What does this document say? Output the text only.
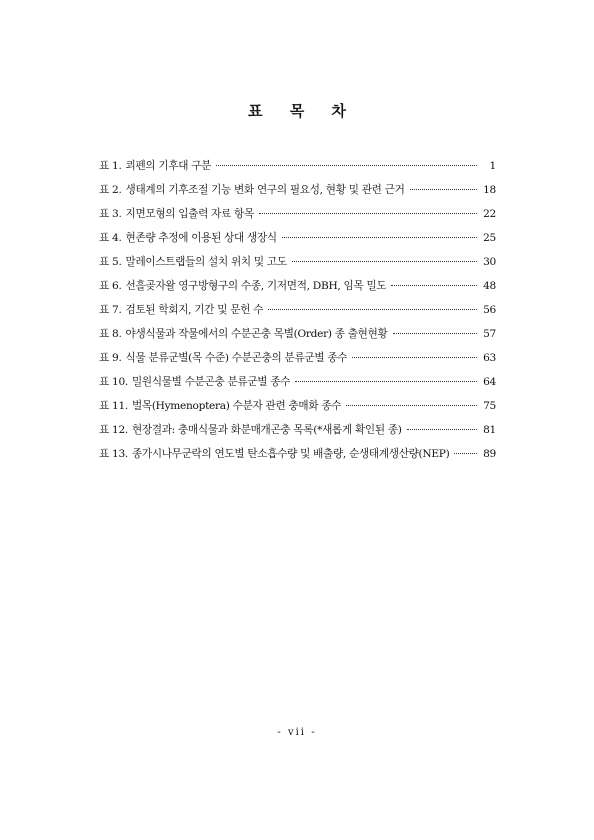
표 목 차
표 1. 쾨펜의 기후대 구분	1
표 2. 생태계의 기후조절 기능 변화 연구의 필요성, 현황 및 관련 근거	18
표 3. 지면모형의 입출력 자료 항목	22
표 4. 현존량 추정에 이용된 상대 생장식	25
표 5. 말레이스트랩들의 설치 위치 및 고도	30
표 6. 선흘곶자왈 영구방형구의 수종, 기저면적, DBH, 임목 밀도	48
표 7. 검토된 학회지, 기간 및 문헌 수	56
표 8. 야생식물과 작물에서의 수분곤충 목별(Order) 종 출현현황	57
표 9. 식물 분류군별(목 수준) 수분곤충의 분류군별 종수	63
표 10. 밀원식물별 수분곤충 분류군별 종수	64
표 11. 벌목(Hymenoptera) 수분자 관련 충매화 종수	75
표 12. 현장결과: 충매식물과 화분매개곤충 목록(*새롭게 확인된 종)	81
표 13. 종가시나무군락의 연도별 탄소흡수량 및 배출량, 순생태계생산량(NEP)	89
- vii -
